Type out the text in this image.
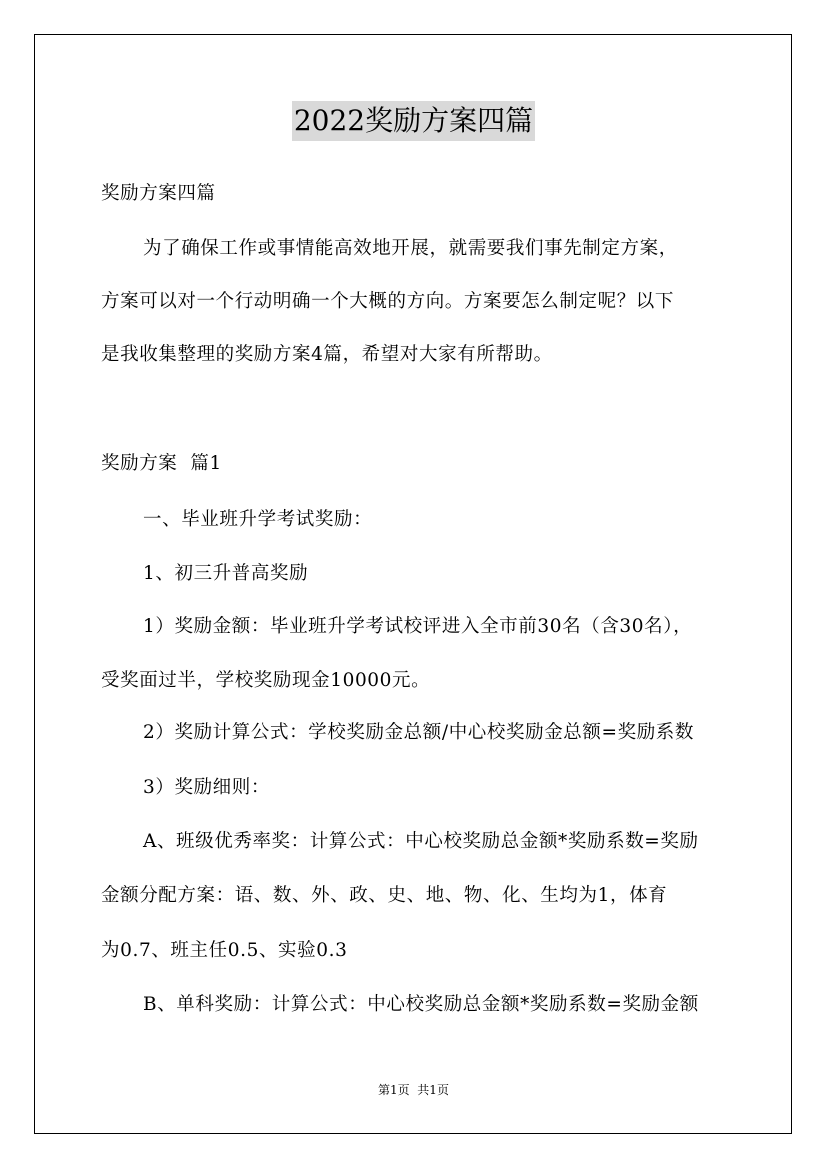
2022奖励方案四篇
奖励方案四篇
为了确保工作或事情能高效地开展，就需要我们事先制定方案，
方案可以对一个行动明确一个大概的方向。方案要怎么制定呢？以下
是我收集整理的奖励方案4篇，希望对大家有所帮助。
奖励方案  篇1
一、毕业班升学考试奖励：
1、初三升普高奖励
1）奖励金额：毕业班升学考试校评进入全市前30名（含30名），
受奖面过半，学校奖励现金10000元。
2）奖励计算公式：学校奖励金总额/中心校奖励金总额=奖励系数
3）奖励细则：
A、班级优秀率奖：计算公式：中心校奖励总金额*奖励系数=奖励
金额分配方案：语、数、外、政、史、地、物、化、生均为1，体育
为0.7、班主任0.5、实验0.3
B、单科奖励：计算公式：中心校奖励总金额*奖励系数=奖励金额
第1页  共1页
